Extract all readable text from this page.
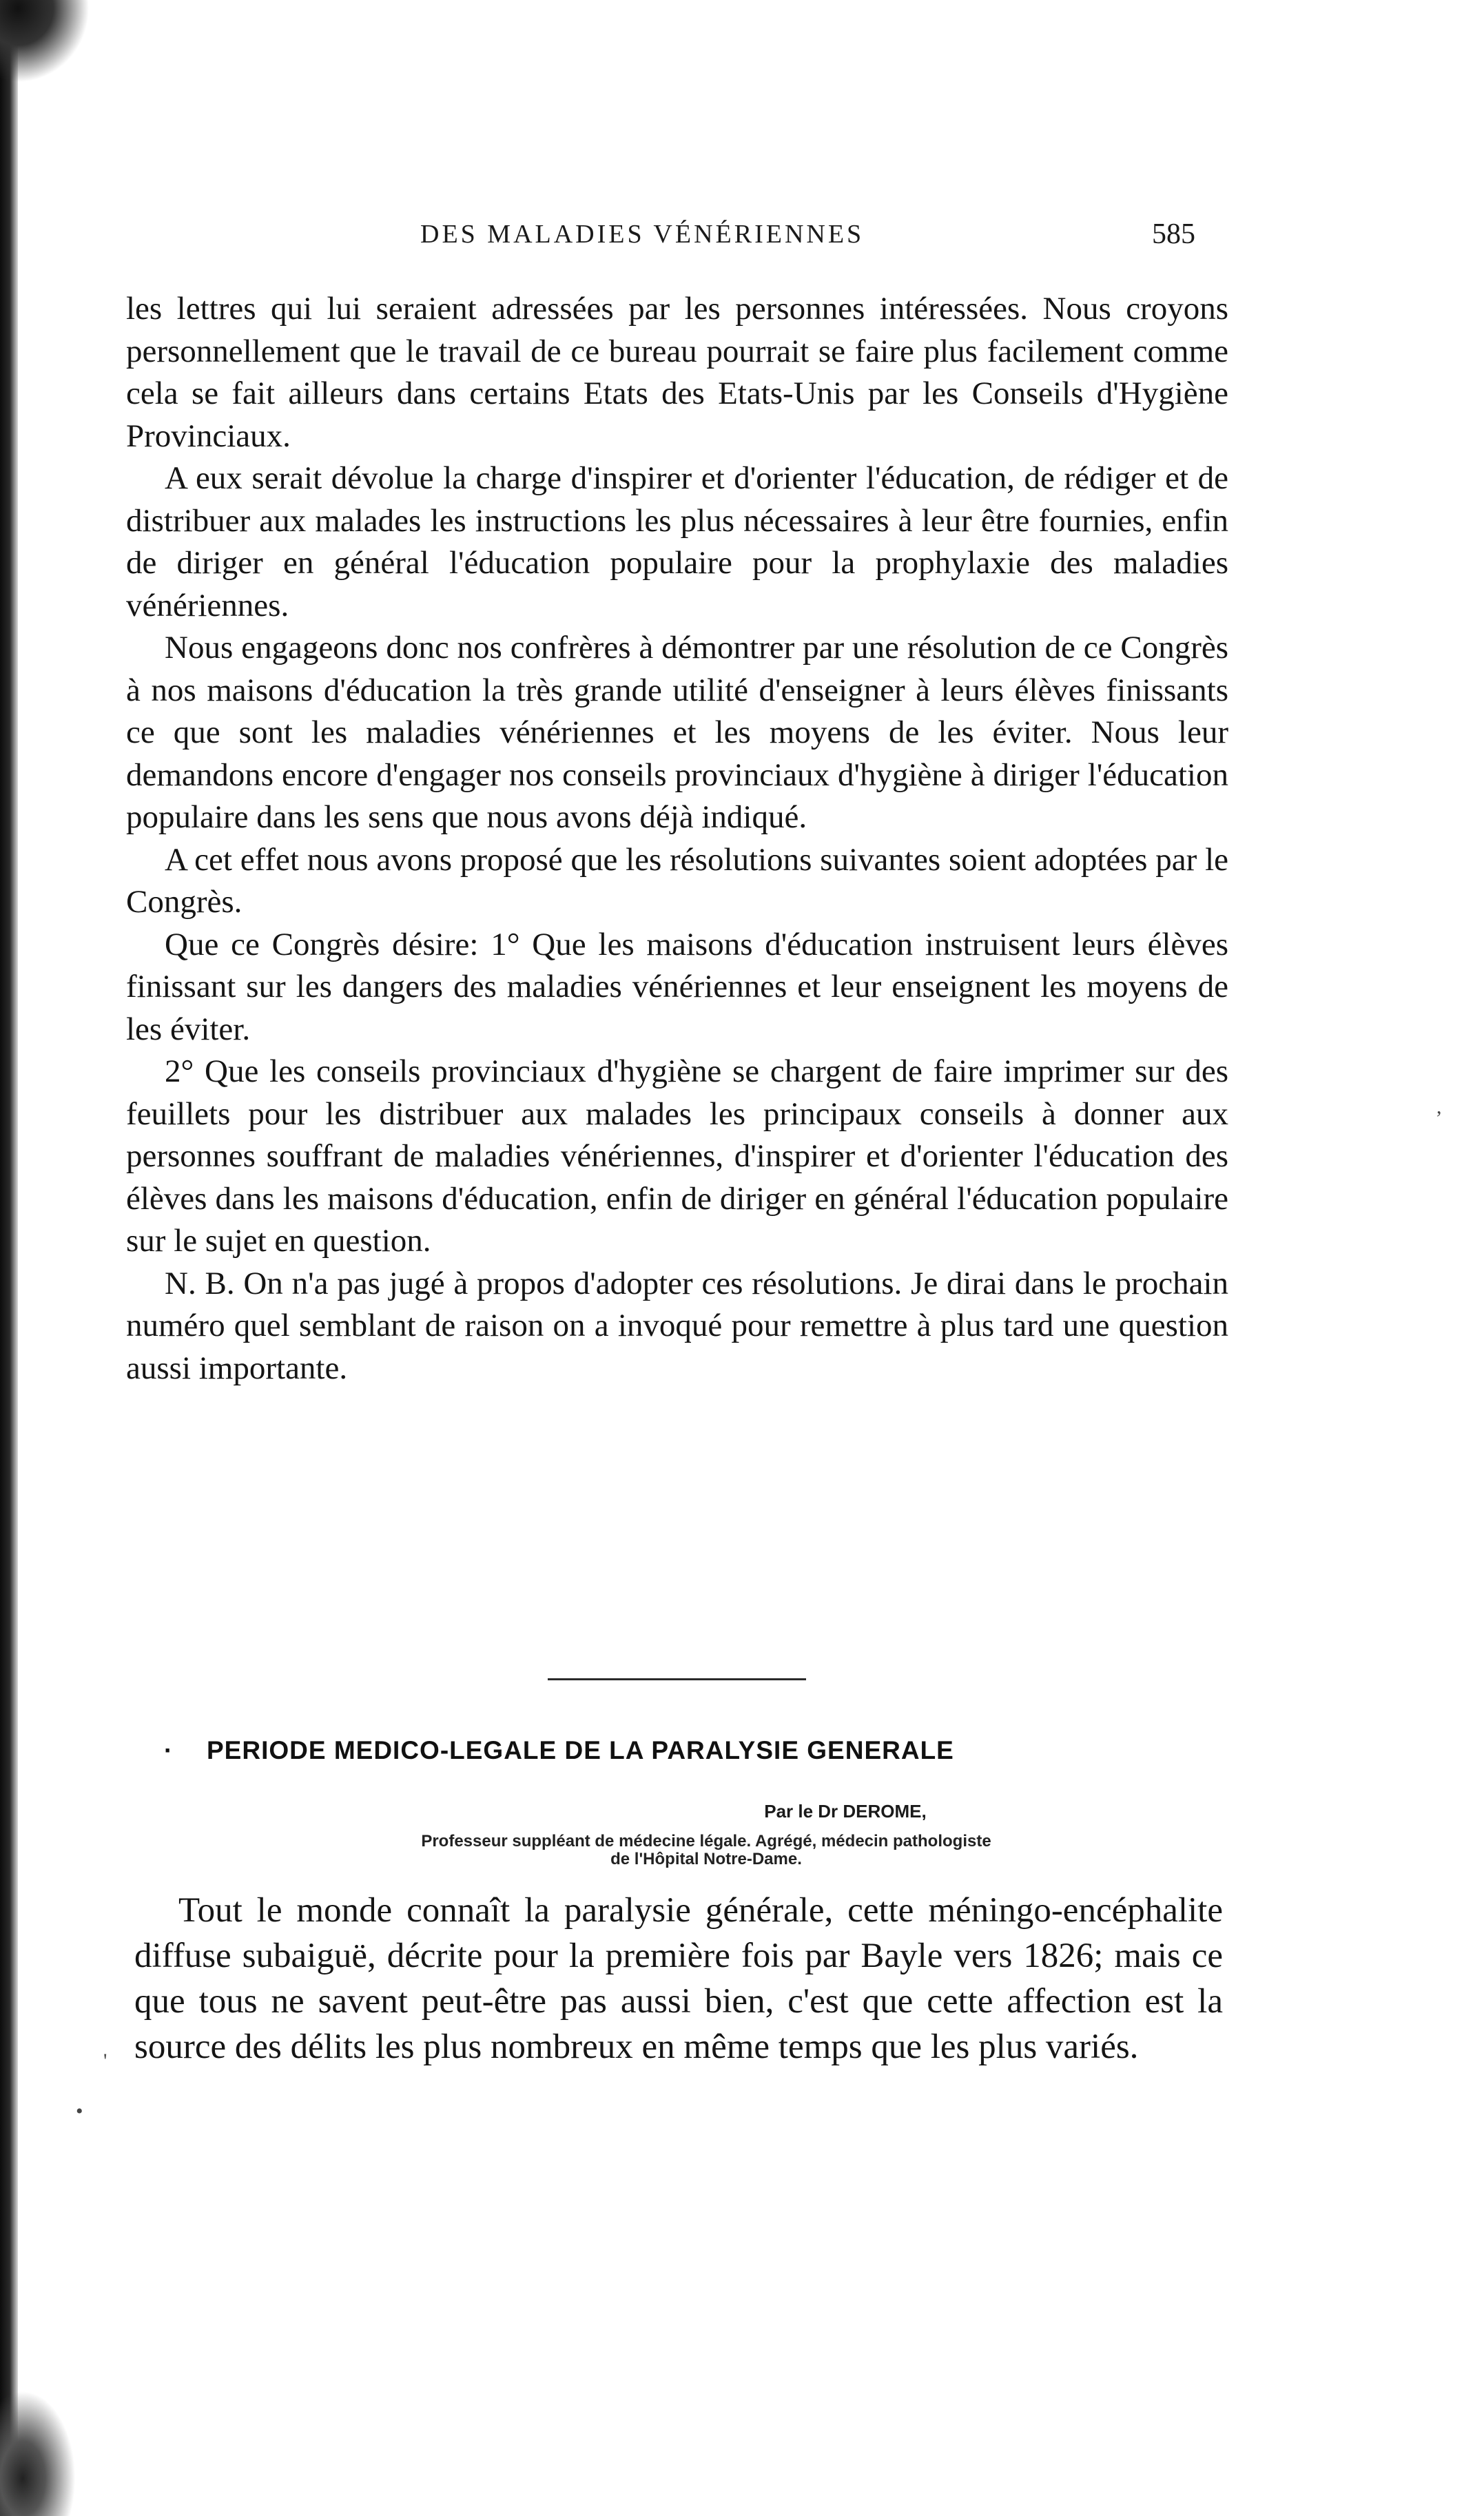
DES MALADIES VÉNÉRIENNES	585

les lettres qui lui seraient adressées par les personnes intéressées. Nous croyons personnellement que le travail de ce bureau pourrait se faire plus facilement comme cela se fait ailleurs dans certains Etats des Etats-Unis par les Conseils d'Hygiène Provinciaux.

A eux serait dévolue la charge d'inspirer et d'orienter l'éducation, de rédiger et de distribuer aux malades les instructions les plus nécessaires à leur être fournies, enfin de diriger en général l'éducation populaire pour la prophylaxie des maladies vénériennes.

Nous engageons donc nos confrères à démontrer par une résolution de ce Congrès à nos maisons d'éducation la très grande utilité d'enseigner à leurs élèves finissants ce que sont les maladies vénériennes et les moyens de les éviter. Nous leur demandons encore d'engager nos conseils provinciaux d'hygiène à diriger l'éducation populaire dans les sens que nous avons déjà indiqué.

A cet effet nous avons proposé que les résolutions suivantes soient adoptées par le Congrès.

Que ce Congrès désire: 1° Que les maisons d'éducation instruisent leurs élèves finissant sur les dangers des maladies vénériennes et leur enseignent les moyens de les éviter.

2° Que les conseils provinciaux d'hygiène se chargent de faire imprimer sur des feuillets pour les distribuer aux malades les principaux conseils à donner aux personnes souffrant de maladies vénériennes, d'inspirer et d'orienter l'éducation des élèves dans les maisons d'éducation, enfin de diriger en général l'éducation populaire sur le sujet en question.

N. B. On n'a pas jugé à propos d'adopter ces résolutions. Je dirai dans le prochain numéro quel semblant de raison on a invoqué pour remettre à plus tard une question aussi importante.

· PERIODE MEDICO-LEGALE DE LA PARALYSIE GENERALE
Par le Dr DEROME,
Professeur suppléant de médecine légale. Agrégé, médecin pathologiste
de l'Hôpital Notre-Dame.

Tout le monde connaît la paralysie générale, cette méningo-encéphalite diffuse subaiguë, décrite pour la première fois par Bayle vers 1826; mais ce que tous ne savent peut-être pas aussi bien, c'est que cette affection est la source des délits les plus nombreux en même temps que les plus variés.

,
'
•
